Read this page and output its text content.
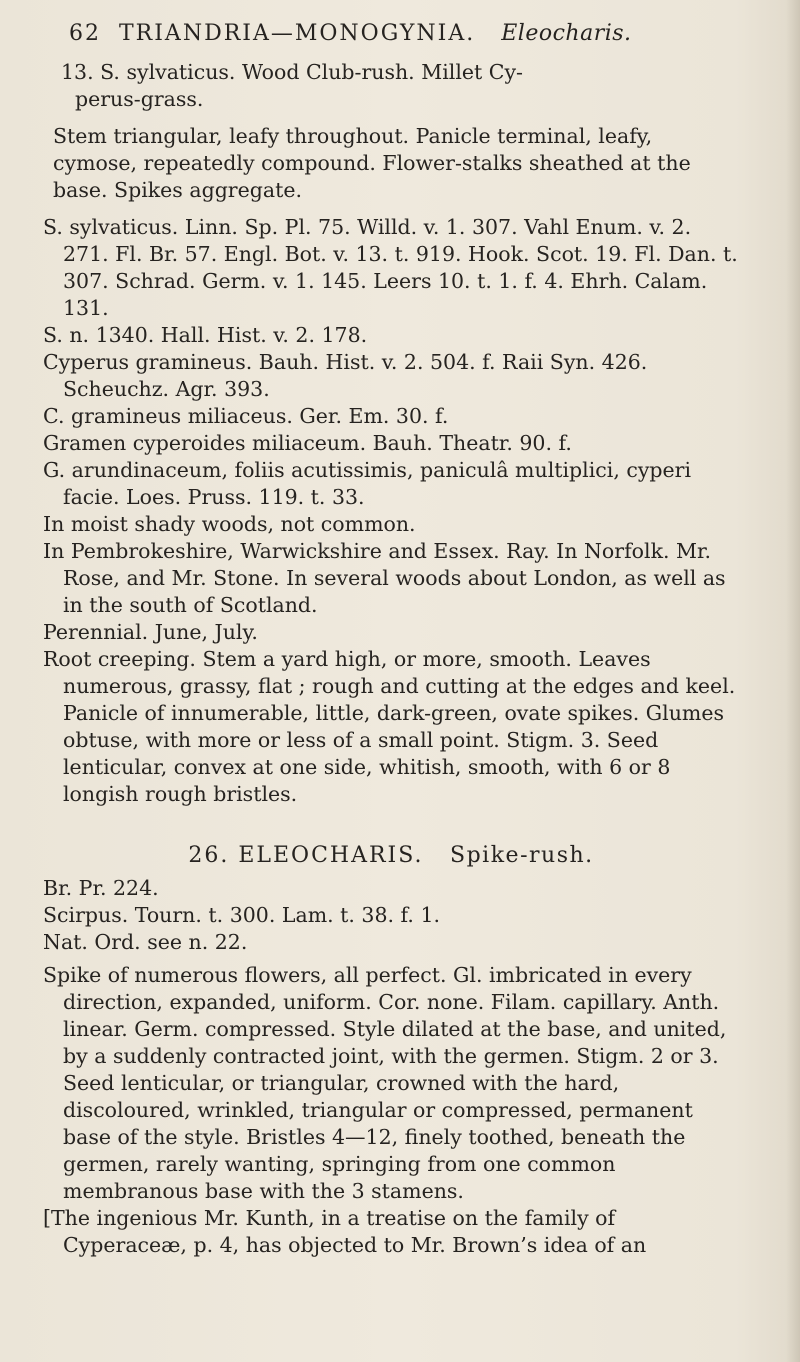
62 TRIANDRIA—MONOGYNIA. Eleocharis.

13. S. sylvaticus. Wood Club-rush. Millet Cy-
perus-grass.

Stem triangular, leafy throughout. Panicle terminal, leafy, cymose, repeatedly compound. Flower-stalks sheathed at the base. Spikes aggregate.

S. sylvaticus. Linn. Sp. Pl. 75. Willd. v. 1. 307. Vahl Enum. v. 2. 271. Fl. Br. 57. Engl. Bot. v. 13. t. 919. Hook. Scot. 19. Fl. Dan. t. 307. Schrad. Germ. v. 1. 145. Leers 10. t. 1. f. 4. Ehrh. Calam. 131.

S. n. 1340. Hall. Hist. v. 2. 178.

Cyperus gramineus. Bauh. Hist. v. 2. 504. f. Raii Syn. 426. Scheuchz. Agr. 393.

C. gramineus miliaceus. Ger. Em. 30. f.

Gramen cyperoides miliaceum. Bauh. Theatr. 90. f.

G. arundinaceum, foliis acutissimis, paniculâ multiplici, cyperi facie. Loes. Pruss. 119. t. 33.

In moist shady woods, not common.

In Pembrokeshire, Warwickshire and Essex. Ray. In Norfolk. Mr. Rose, and Mr. Stone. In several woods about London, as well as in the south of Scotland.

Perennial. June, July.

Root creeping. Stem a yard high, or more, smooth. Leaves numerous, grassy, flat ; rough and cutting at the edges and keel. Panicle of innumerable, little, dark-green, ovate spikes. Glumes obtuse, with more or less of a small point. Stigm. 3. Seed lenticular, convex at one side, whitish, smooth, with 6 or 8 longish rough bristles.

26. ELEOCHARIS. Spike-rush.

Br. Pr. 224.

Scirpus. Tourn. t. 300. Lam. t. 38. f. 1.

Nat. Ord. see n. 22.

Spike of numerous flowers, all perfect. Gl. imbricated in every direction, expanded, uniform. Cor. none. Filam. capillary. Anth. linear. Germ. compressed. Style dilated at the base, and united, by a suddenly contracted joint, with the germen. Stigm. 2 or 3. Seed lenticular, or triangular, crowned with the hard, discoloured, wrinkled, triangular or compressed, permanent base of the style. Bristles 4—12, finely toothed, beneath the germen, rarely wanting, springing from one common membranous base with the 3 stamens.

[The ingenious Mr. Kunth, in a treatise on the family of Cyperaceæ, p. 4, has objected to Mr. Brown’s idea of an
